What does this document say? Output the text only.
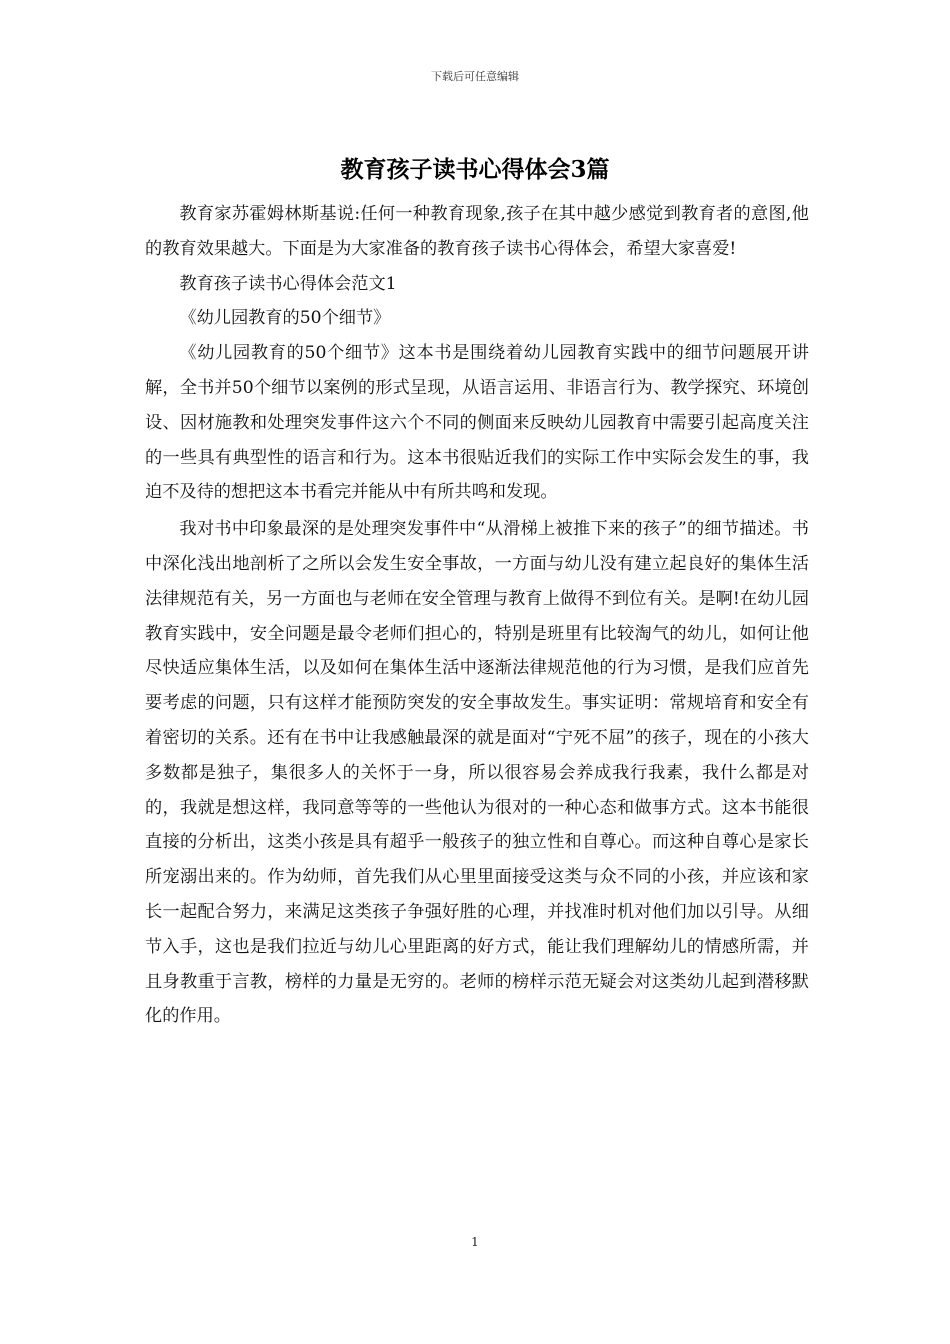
下载后可任意编辑
教育孩子读书心得体会3篇

教育家苏霍姆林斯基说:任何一种教育现象,孩子在其中越少感觉到教育者的意图,他的教育效果越大。下面是为大家准备的教育孩子读书心得体会，希望大家喜爱!

教育孩子读书心得体会范文1

《幼儿园教育的50个细节》

《幼儿园教育的50个细节》这本书是围绕着幼儿园教育实践中的细节问题展开讲解，全书并50个细节以案例的形式呈现，从语言运用、非语言行为、教学探究、环境创设、因材施教和处理突发事件这六个不同的侧面来反映幼儿园教育中需要引起高度关注的一些具有典型性的语言和行为。这本书很贴近我们的实际工作中实际会发生的事，我迫不及待的想把这本书看完并能从中有所共鸣和发现。

我对书中印象最深的是处理突发事件中“从滑梯上被推下来的孩子”的细节描述。书中深化浅出地剖析了之所以会发生安全事故，一方面与幼儿没有建立起良好的集体生活法律规范有关，另一方面也与老师在安全管理与教育上做得不到位有关。是啊!在幼儿园教育实践中，安全问题是最令老师们担心的，特别是班里有比较淘气的幼儿，如何让他尽快适应集体生活，以及如何在集体生活中逐渐法律规范他的行为习惯，是我们应首先要考虑的问题，只有这样才能预防突发的安全事故发生。事实证明：常规培育和安全有着密切的关系。还有在书中让我感触最深的就是面对“宁死不屈”的孩子，现在的小孩大多数都是独子，集很多人的关怀于一身，所以很容易会养成我行我素，我什么都是对的，我就是想这样，我同意等等的一些他认为很对的一种心态和做事方式。这本书能很直接的分析出，这类小孩是具有超乎一般孩子的独立性和自尊心。而这种自尊心是家长所宠溺出来的。作为幼师，首先我们从心里里面接受这类与众不同的小孩，并应该和家长一起配合努力，来满足这类孩子争强好胜的心理，并找准时机对他们加以引导。从细节入手，这也是我们拉近与幼儿心里距离的好方式，能让我们理解幼儿的情感所需，并且身教重于言教，榜样的力量是无穷的。老师的榜样示范无疑会对这类幼儿起到潜移默化的作用。

1
